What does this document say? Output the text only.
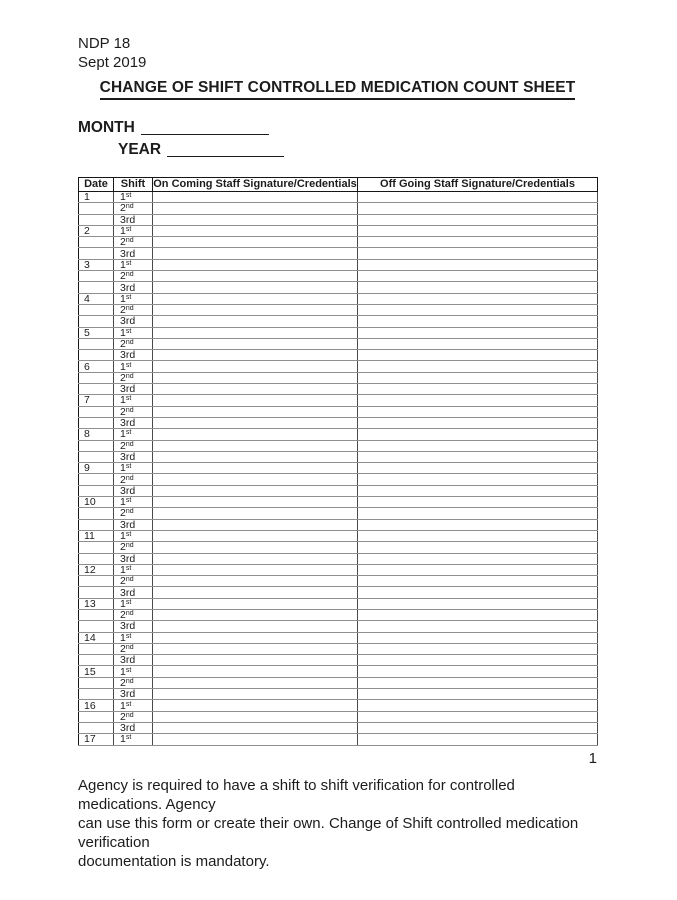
NDP 18
Sept 2019
CHANGE OF SHIFT CONTROLLED MEDICATION COUNT SHEET
MONTH
YEAR
Date	Shift	On Coming Staff Signature/Credentials	Off Going Staff Signature/Credentials
1	1st		
	2nd		
	3rd		
2	1st		
	2nd		
	3rd		
3	1st		
	2nd		
	3rd		
4	1st		
	2nd		
	3rd		
5	1st		
	2nd		
	3rd		
6	1st		
	2nd		
	3rd		
7	1st		
	2nd		
	3rd		
8	1st		
	2nd		
	3rd		
9	1st		
	2nd		
	3rd		
10	1st		
	2nd		
	3rd		
11	1st		
	2nd		
	3rd		
12	1st		
	2nd		
	3rd		
13	1st		
	2nd		
	3rd		
14	1st		
	2nd		
	3rd		
15	1st		
	2nd		
	3rd		
16	1st		
	2nd		
	3rd		
17	1st		
1
Agency is required to have a shift to shift verification for controlled medications. Agency
can use this form or create their own. Change of Shift controlled medication verification
documentation is mandatory.
